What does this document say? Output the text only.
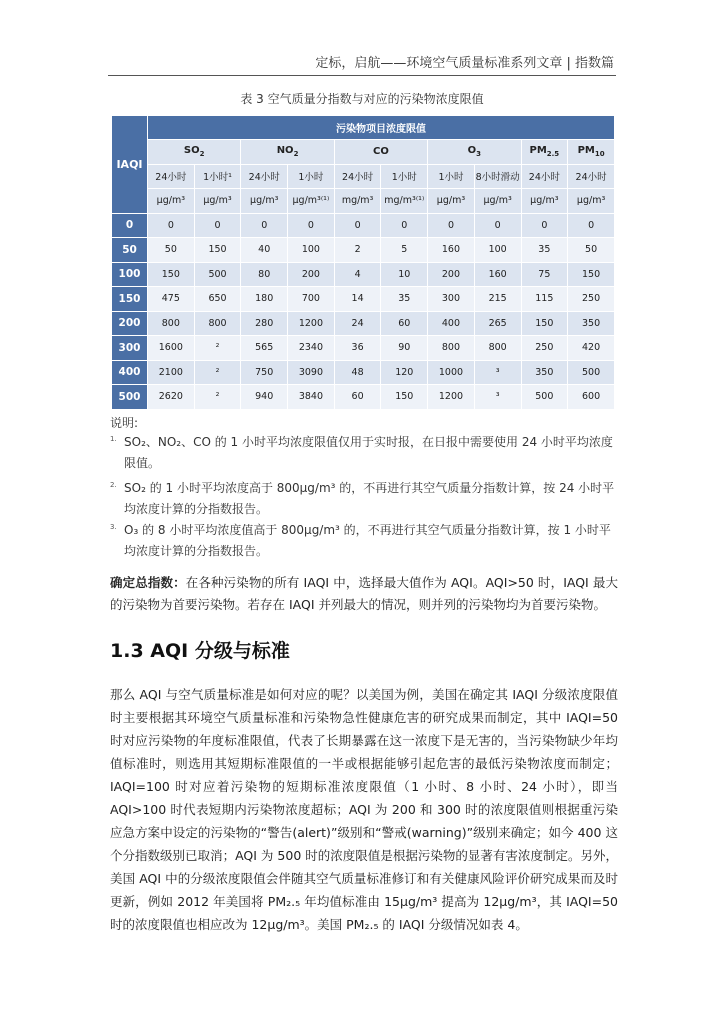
定标，启航——环境空气质量标准系列文章 | 指数篇
表 3 空气质量分指数与对应的污染物浓度限值
IAQI	污染物项目浓度限值									
	$SO_2$		$NO_2$		CO		$O_3$		$PM_{2.5}$	$PM_{10}$
	24小时	1小时¹	24小时	1小时	24小时	1小时	1小时	8小时滑动	24小时	24小时
	μg/m³	μg/m³	μg/m³	μg/m³⁽¹⁾	mg/m³	mg/m³⁽¹⁾	μg/m³	μg/m³	μg/m³	μg/m³
0	0	0	0	0	0	0	0	0	0	0
50	50	150	40	100	2	5	160	100	35	50
100	150	500	80	200	4	10	200	160	75	150
150	475	650	180	700	14	35	300	215	115	250
200	800	800	280	1200	24	60	400	265	150	350
300	1600	²	565	2340	36	90	800	800	250	420
400	2100	²	750	3090	48	120	1000	³	350	500
500	2620	²	940	3840	60	150	1200	³	500	600
说明:
1. SO₂、NO₂、CO 的 1 小时平均浓度限值仅用于实时报，在日报中需要使用 24 小时平均浓度限值。
2. SO₂ 的 1 小时平均浓度高于 800μg/m³ 的，不再进行其空气质量分指数计算，按 24 小时平均浓度计算的分指数报告。
3. O₃ 的 8 小时平均浓度值高于 800μg/m³ 的，不再进行其空气质量分指数计算，按 1 小时平均浓度计算的分指数报告。
确定总指数：在各种污染物的所有 IAQI 中，选择最大值作为 AQI。AQI>50 时，IAQI 最大的污染物为首要污染物。若存在 IAQI 并列最大的情况，则并列的污染物均为首要污染物。
1.3 AQI 分级与标准
那么 AQI 与空气质量标准是如何对应的呢？以美国为例，美国在确定其 IAQI 分级浓度限值时主要根据其环境空气质量标准和污染物急性健康危害的研究成果而制定，其中 IAQI=50 时对应污染物的年度标准限值，代表了长期暴露在这一浓度下是无害的，当污染物缺少年均值标准时，则选用其短期标准限值的一半或根据能够引起危害的最低污染物浓度而制定；IAQI=100 时对应着污染物的短期标准浓度限值（1 小时、8 小时、24 小时），即当 AQI>100 时代表短期内污染物浓度超标；AQI 为 200 和 300 时的浓度限值则根据重污染应急方案中设定的污染物的“警告(alert)”级别和“警戒(warning)”级别来确定；如今 400 这个分指数级别已取消；AQI 为 500 时的浓度限值是根据污染物的显著有害浓度制定。另外，美国 AQI 中的分级浓度限值会伴随其空气质量标准修订和有关健康风险评价研究成果而及时更新，例如 2012 年美国将 PM₂.₅ 年均值标准由 15μg/m³ 提高为 12μg/m³，其 IAQI=50 时的浓度限值也相应改为 12μg/m³。美国 PM₂.₅ 的 IAQI 分级情况如表 4。
